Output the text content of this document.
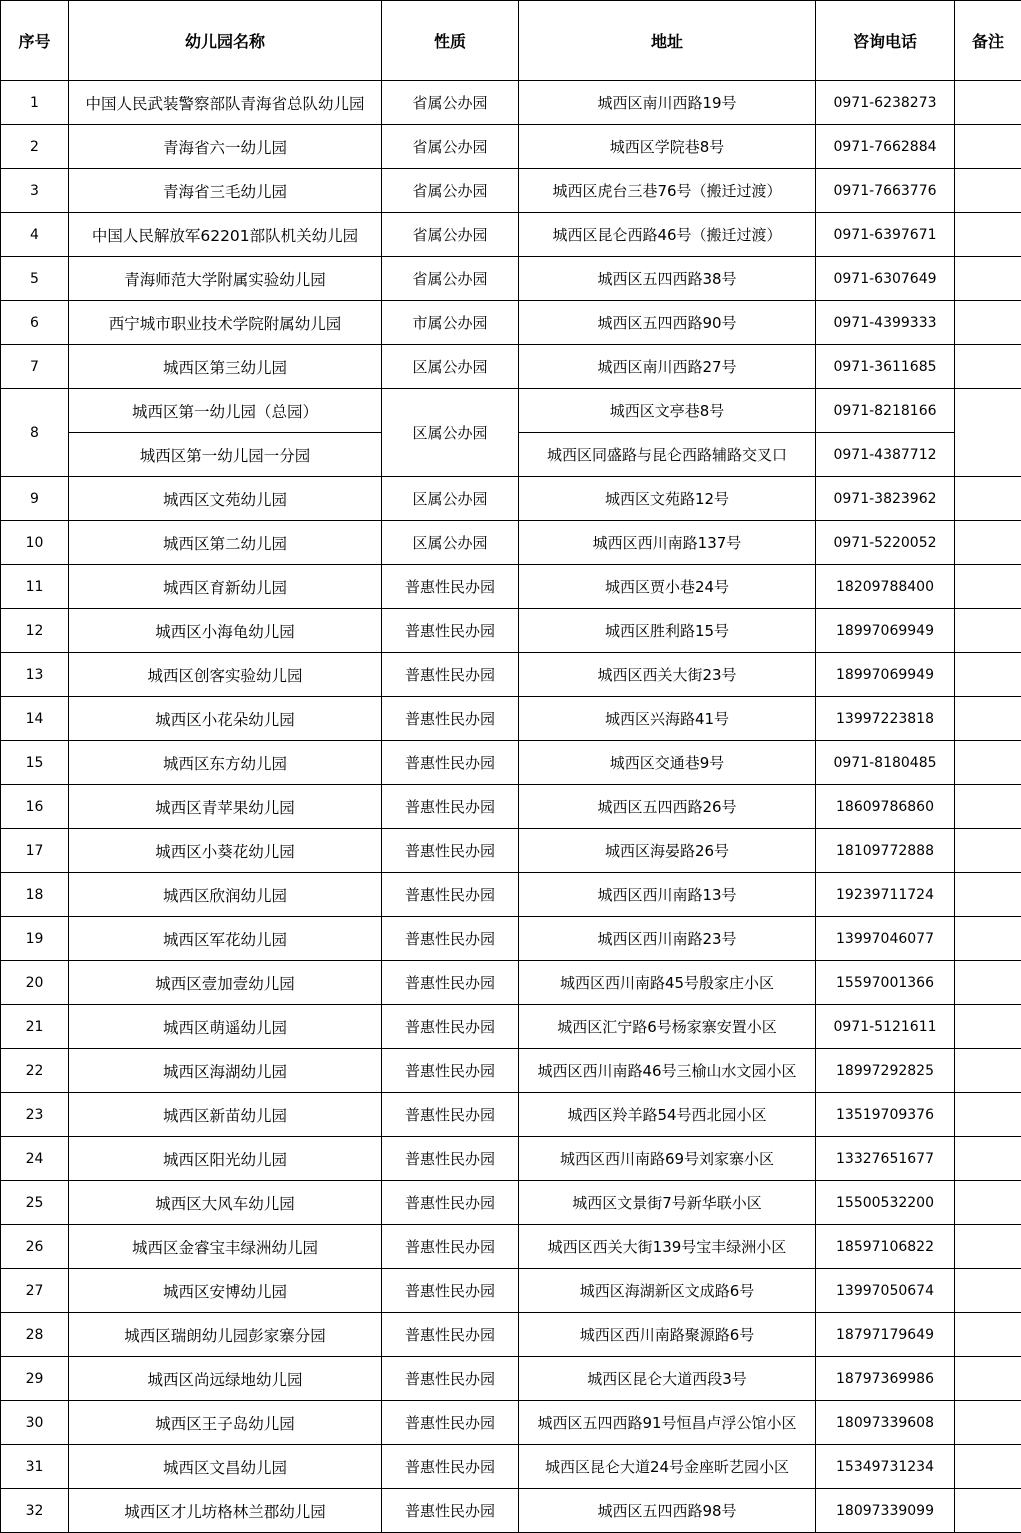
序号	幼儿园名称	性质	地址	咨询电话	备注
1	中国人民武装警察部队青海省总队幼儿园	省属公办园	城西区南川西路19号	0971-6238273	
2	青海省六一幼儿园	省属公办园	城西区学院巷8号	0971-7662884	
3	青海省三毛幼儿园	省属公办园	城西区虎台三巷76号（搬迁过渡）	0971-7663776	
4	中国人民解放军62201部队机关幼儿园	省属公办园	城西区昆仑西路46号（搬迁过渡）	0971-6397671	
5	青海师范大学附属实验幼儿园	省属公办园	城西区五四西路38号	0971-6307649	
6	西宁城市职业技术学院附属幼儿园	市属公办园	城西区五四西路90号	0971-4399333	
7	城西区第三幼儿园	区属公办园	城西区南川西路27号	0971-3611685	
8	城西区第一幼儿园（总园）	区属公办园	城西区文亭巷8号	0971-8218166	
	城西区第一幼儿园一分园		城西区同盛路与昆仑西路辅路交叉口	0971-4387712	
9	城西区文苑幼儿园	区属公办园	城西区文苑路12号	0971-3823962	
10	城西区第二幼儿园	区属公办园	城西区西川南路137号	0971-5220052	
11	城西区育新幼儿园	普惠性民办园	城西区贾小巷24号	18209788400	
12	城西区小海龟幼儿园	普惠性民办园	城西区胜利路15号	18997069949	
13	城西区创客实验幼儿园	普惠性民办园	城西区西关大街23号	18997069949	
14	城西区小花朵幼儿园	普惠性民办园	城西区兴海路41号	13997223818	
15	城西区东方幼儿园	普惠性民办园	城西区交通巷9号	0971-8180485	
16	城西区青苹果幼儿园	普惠性民办园	城西区五四西路26号	18609786860	
17	城西区小葵花幼儿园	普惠性民办园	城西区海晏路26号	18109772888	
18	城西区欣润幼儿园	普惠性民办园	城西区西川南路13号	19239711724	
19	城西区军花幼儿园	普惠性民办园	城西区西川南路23号	13997046077	
20	城西区壹加壹幼儿园	普惠性民办园	城西区西川南路45号殷家庄小区	15597001366	
21	城西区萌遥幼儿园	普惠性民办园	城西区汇宁路6号杨家寨安置小区	0971-5121611	
22	城西区海湖幼儿园	普惠性民办园	城西区西川南路46号三榆山水文园小区	18997292825	
23	城西区新苗幼儿园	普惠性民办园	城西区羚羊路54号西北园小区	13519709376	
24	城西区阳光幼儿园	普惠性民办园	城西区西川南路69号刘家寨小区	13327651677	
25	城西区大风车幼儿园	普惠性民办园	城西区文景街7号新华联小区	15500532200	
26	城西区金睿宝丰绿洲幼儿园	普惠性民办园	城西区西关大街139号宝丰绿洲小区	18597106822	
27	城西区安博幼儿园	普惠性民办园	城西区海湖新区文成路6号	13997050674	
28	城西区瑞朗幼儿园彭家寨分园	普惠性民办园	城西区西川南路聚源路6号	18797179649	
29	城西区尚远绿地幼儿园	普惠性民办园	城西区昆仑大道西段3号	18797369986	
30	城西区王子岛幼儿园	普惠性民办园	城西区五四西路91号恒昌卢浮公馆小区	18097339608	
31	城西区文昌幼儿园	普惠性民办园	城西区昆仑大道24号金座昕艺园小区	15349731234	
32	城西区才儿坊格林兰郡幼儿园	普惠性民办园	城西区五四西路98号	18097339099	
